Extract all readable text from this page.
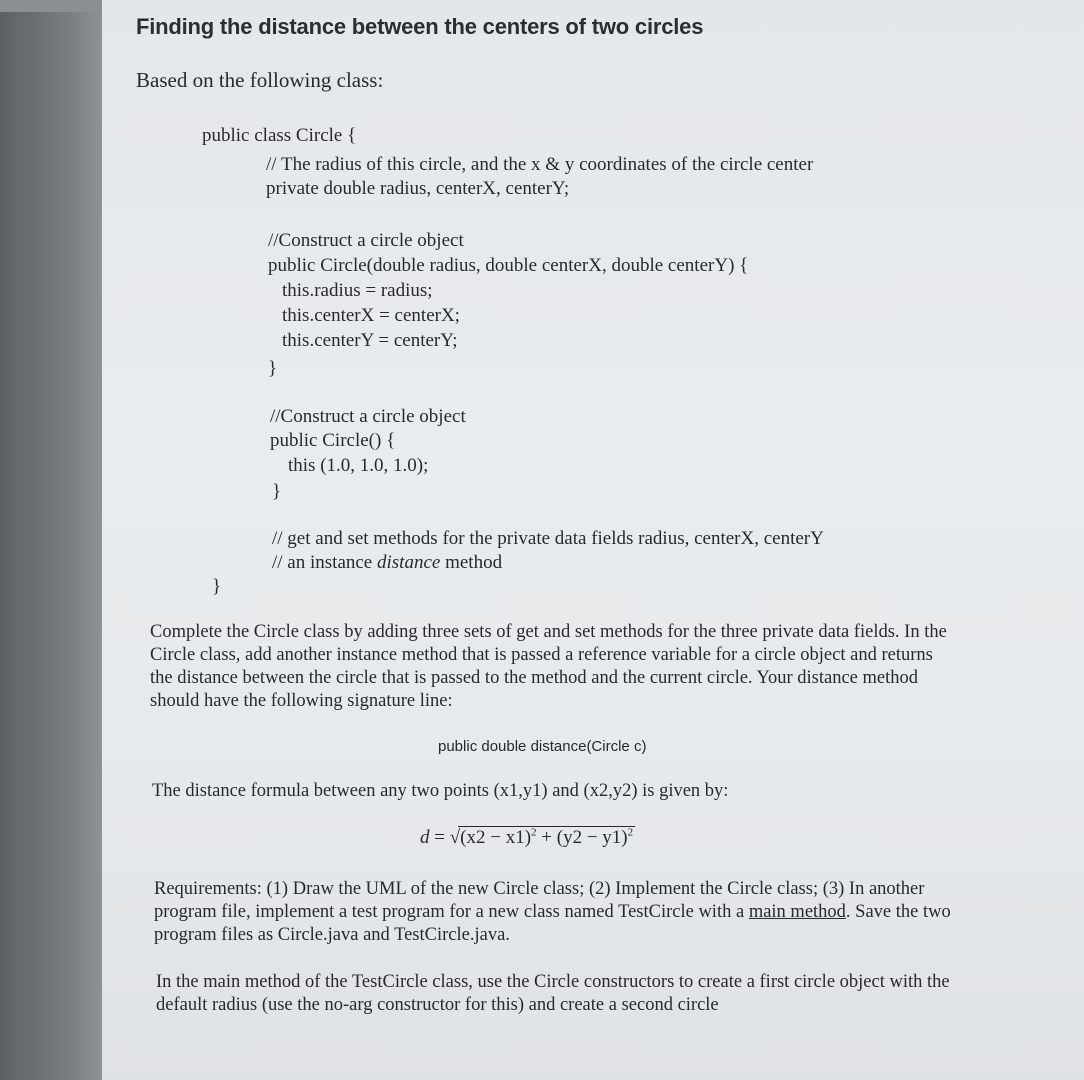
Finding the distance between the centers of two circles
Based on the following class:
public class Circle {
// The radius of this circle, and the x & y coordinates of the circle center
private double radius, centerX, centerY;
//Construct a circle object
public Circle(double radius, double centerX, double centerY) {
this.radius = radius;
this.centerX = centerX;
this.centerY = centerY;
}
//Construct a circle object
public Circle() {
this (1.0, 1.0, 1.0);
}
// get and set methods for the private data fields radius, centerX, centerY
// an instance distance method
}
Complete the Circle class by adding three sets of get and set methods for the three private data fields. In the Circle class, add another instance method that is passed a reference variable for a circle object and returns the distance between the circle that is passed to the method and the current circle. Your distance method should have the following signature line:
public double distance(Circle c)
The distance formula between any two points (x1,y1) and (x2,y2) is given by:
$d = √(x2 - x1)^2 + (y2 - y1)^2$
Requirements: (1) Draw the UML of the new Circle class; (2) Implement the Circle class; (3) In another program file, implement a test program for a new class named TestCircle with a main method. Save the two program files as Circle.java and TestCircle.java.
In the main method of the TestCircle class, use the Circle constructors to create a first circle object with the default radius (use the no-arg constructor for this) and create a second circle
